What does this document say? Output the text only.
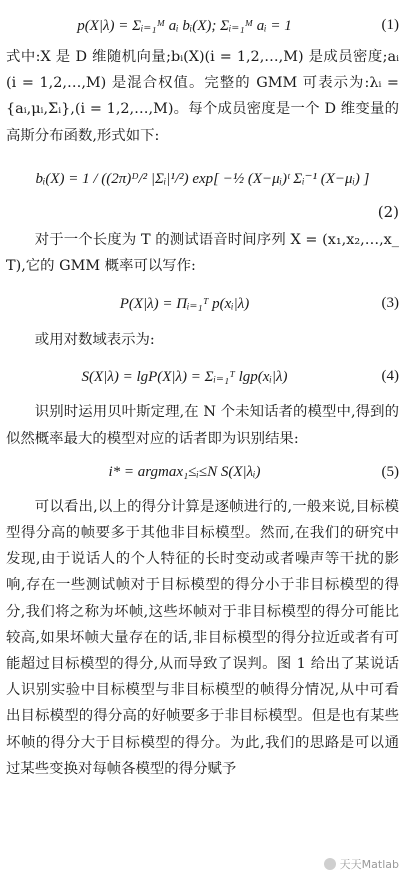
p(X|λ) = Σᵢ₌₁ᴹ aᵢ bᵢ(X); Σᵢ₌₁ᴹ aᵢ = 1	(1)

式中:X 是 D 维随机向量;bᵢ(X)(i = 1,2,…,M) 是成员密度;aᵢ(i = 1,2,…,M) 是混合权值。完整的 GMM 可表示为:λᵢ = {aᵢ,μᵢ,Σᵢ},(i = 1,2,…,M)。每个成员密度是一个 D 维变量的高斯分布函数,形式如下:

bᵢ(X) = 1 / ((2π)ᴰ/² |Σᵢ|¹/²) exp[ −½ (X−μᵢ)ᵗ Σᵢ⁻¹ (X−μᵢ) ]
(2)

对于一个长度为 T 的测试语音时间序列 X = (x₁,x₂,…,x_T),它的 GMM 概率可以写作:

P(X|λ) = Πᵢ₌₁ᵀ p(xᵢ|λ)	(3)

或用对数域表示为:

S(X|λ) = lgP(X|λ) = Σᵢ₌₁ᵀ lgp(xᵢ|λ)	(4)

识别时运用贝叶斯定理,在 N 个未知话者的模型中,得到的似然概率最大的模型对应的话者即为识别结果:

i* = argmax₁≤ᵢ≤N S(X|λᵢ)	(5)

可以看出,以上的得分计算是逐帧进行的,一般来说,目标模型得分高的帧要多于其他非目标模型。然而,在我们的研究中发现,由于说话人的个人特征的长时变动或者噪声等干扰的影响,存在一些测试帧对于目标模型的得分小于非目标模型的得分,我们将之称为坏帧,这些坏帧对于非目标模型的得分可能比较高,如果坏帧大量存在的话,非目标模型的得分拉近或者有可能超过目标模型的得分,从而导致了误判。图 1 给出了某说话人识别实验中目标模型与非目标模型的帧得分情况,从中可看出目标模型的得分高的好帧要多于非目标模型。但是也有某些坏帧的得分大于目标模型的得分。为此,我们的思路是可以通过某些变换对每帧各模型的得分赋予

天天Matlab
